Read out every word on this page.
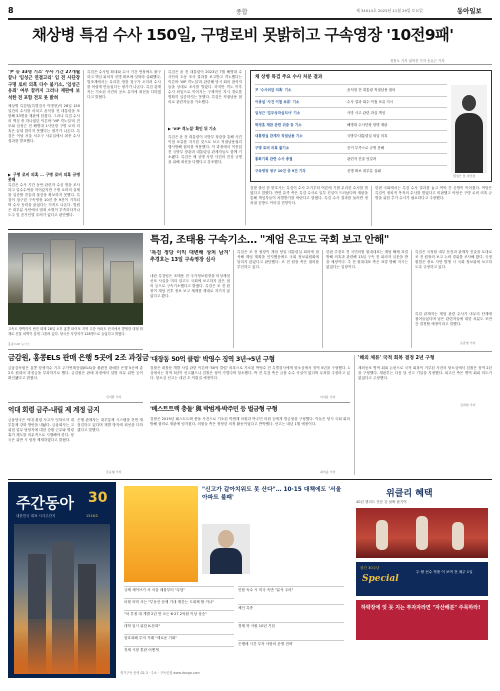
8	종합	제 34014호 2025년 11월 29일 토요일	동아일보
채상병 특검 수사 150일, 구명로비 못밝히고 구속영장 '10전9패'
정봉오 기자 권혁진 기자 송유근 기자
'尹 등 33명 기소' 수사 기간 27개월 끝나 '임성근 연결고리' 임 전 사단장 구명 로비 의혹 다수 불기소, '임성근 유죄' 여부 끝까지 그러나 재판에 보석한 전 포함 전모 못 밝혀
채상병 특검팀(특별검사 이명현)이 28일 150일간의 수사를 마치고 윤석열 전 대통령을 포함해 33명을 재판에 넘겼다. 그러나 특검 수사의 핵심 중 하나였던 이른바 'VIP 격노설'의 전모와 임성근 전 해병대 1사단장 구명 로비 의혹은 끝내 밝히지 못했다는 평가가 나온다. 특검은 이날 서울 서초구 사무실에서 최종 수사 결과를 발표했다.
▶ 구명 로비 의혹 … 구명 로비 의혹 규명 못해
특검은 수사 기간 동안 관련자 수십 명을 조사하고 압수수색을 이어갔지만 구명 로비의 실체를 입증할 진술과 물증을 확보하지 못했다. 특검이 청구한 구속영장 10건 중 9건이 기각되며 수사 동력을 잃었다는 지적도 나온다. 법원은 대부분 사안에서 범죄 소명이 부족하다거나 도주 및 증거인멸 우려가 없다고 판단했다.
특검은 수사팀 확대와 수사 기간 연장에도 불구하고 핵심 피의자 신병 확보에 잇따라 실패했다. 법조계에서는 무리한 영장 청구가 오히려 수사를 어렵게 만들었다는 평가가 나온다. 특검 관계자는 기소된 사건의 공소 유지에 최선을 다하겠다고 밝혔다.
특검은 윤 전 대통령이 2023년 7월 해병대 수사단의 초동 조사 결과를 보고받고 격노했다는 이른바 'VIP 격노설'과 관련해 당시 회의 참석자들을 상대로 조사를 벌였다. 하지만 격노 이후 수사 외압으로 이어지는 구체적인 지시 경로를 명확히 입증하지는 못했다. 특검은 직권남용 혐의로 관련자들을 기소했다.
▶ 'VIP 격노설' 확인 뒤 기소
특검은 윤 전 대통령이 국방부 장관을 통해 사건 이첩 보류를 지시한 것으로 보고 직권남용권리행사방해 혐의를 적용했다. 이 과정에서 이종섭 전 국방부 장관과 대통령실 관계자들도 함께 기소됐다. 특검은 채 상병 사망 사건의 진상 규명을 위해 최선을 다했다고 강조했다.
채 상병 특검 주요 수사 처분 결과
尹 '수사외압 의혹' 기소	윤석열 전 대통령 직권남용 혐의
이종섭 '사건 이첩 보류' 기소	수사 결과 회수·이첩 보류 지시
임성근 '업무상과실치사' 기소	사망 사고 관련 과실 책임
박정훈 재판 관련 위증 등 기소	해병대 수사단장 항명 재판
대통령실 관계자 직권남용 기소	국방부·대통령실 외압 의혹
구명 로비 의혹 불기소	증거 부족으로 규명 못해
통화기록 관련 수사 종결	관련자 진술 엇갈려
구속영장 청구 10건 중 9건 기각	신병 확보 대부분 실패
임성근 전 사단장
검찰 출신 한 변호사는 특검이 수사 초기부터 여론에 기댄 무리한 수사를 벌였다고 말했다. 반면 유족 측은 특검 수사로 일부 진실이 드러났다며 재판을 통해 책임자들이 처벌받기를 바란다고 밝혔다. 특검 수사 결과를 둘러싼 정치권 공방도 이어질 전망이다.
한편 국회에서는 특검 수사 결과를 놓고 여야 간 공방이 이어졌다. 여당은 특검이 정치적 목적의 수사를 벌였다고 비판했고 야당은 구명 로비 의혹 규명을 위한 추가 수사가 필요하다고 주장했다.
특검, 조태용 구속기소… "계엄 은고도 국회 보고 안해"
고속도 방벽까지 번진 화재 28일 오후 홍콩 타이포 지역 고층 아파트 단지에서 발생한 대형 화재로 건물 외벽이 검게 그을려 있다. 당국은 사망자가 128명으로 늘었다고 밝혔다.
홍콩=AP 뉴시스
'특검 정당 이익 대변해 상처 남겨' 추경호는 13일 구속영장 심사
내란 특검팀은 조태용 전 국가정보원장을 비상계엄 선포 사실을 미리 알고도 국회에 보고하지 않은 혐의 등으로 구속기소했다고 밝혔다. 특검은 조 전 원장이 계엄 전후 정보 보고 체계를 제대로 지키지 않았다고 봤다.
특검은 조 전 원장이 계엄 당일 대통령실 회의에 참석해 계엄 계획을 인지했음에도 국회 정보위원회에 알리지 않았다고 판단했다. 조 전 원장 측은 혐의를 부인하고 있다.
한편 추경호 전 국민의힘 원내대표는 계엄 해제 표결 방해 의혹과 관련해 13일 구속 전 피의자 심문을 받을 예정이다. 추 전 원내대표 측은 표결 방해 지시는 없었다는 입장이다.
특검은 국정원 내부 문건과 관계자 진술을 토대로 조 전 원장의 보고 누락 경위를 조사해 왔다. 국정원법은 중요 사안 발생 시 국회 정보위에 보고하도록 규정하고 있다.
특검 관계자는 계엄 관련 수사가 마무리 단계에 접어들었다며 남은 관련자들에 대한 처분도 조만간 결정할 예정이라고 말했다.
손준영 기자
금감원, 홍콩ELS 판매 은행 5곳에 2조 과징금
금융감독원은 홍콩 항셍지수 기초 주가연계증권(ELS)을 불완전 판매한 은행 5곳에 총 2조 원대의 과징금을 부과하기로 했다. 금감원은 판매 과정에서 설명 의무 위반 등이 확인됐다고 밝혔다.
신지환 기자
억대 회령 금주-내릴 제 계정 금지
금융당국은 억대 횡령 사고가 잇따르자 내부통제 강화 방안을 내놨다. 금융회사는 고위험 업무 담당자에 대한 순환 근무와 명령 휴가 제도를 의무적으로 시행해야 한다. 당국은 위반 시 엄정 제재하겠다고 밝혔다.
은행 관계자는 내부통제 시스템을 전면 재점검하고 있다며 재발 방지에 최선을 다하겠다고 말했다.
조응형 기자
'대장동 50억 클럽' 박영수 징역 3년→5년 구형
검찰은 대장동 개발 사업 관련 이른바 '50억 클럽' 의혹으로 기소된 박영수 전 특별검사에게 항소심에서 징역 5년을 구형했다. 1심에서는 징역 3년이 선고됐으나 검찰은 형이 가볍다며 항소했다. 박 전 특검 측은 금품 수수 사실이 없다며 무죄를 주장하고 있다. 항소심 선고는 내년 초 이뤄질 예정이다.
이지윤 기자
'해외 체류' 국적 회복 결정 2년 구형
재외동포 병역 회피 논란으로 국적 회복이 거부된 사건의 항소심에서 검찰은 징역 2년을 구형했다. 재판부는 다음 달 선고 기일을 지정했다. 피고인 측은 병역 회피 의도가 없었다고 주장했다.
김자현 기자
'베스트트랙 충돌' 與 박범계·박주민 등 벌금형 구형
검찰은 2019년 패스트트랙 충돌 사건으로 기소된 박범계 의원과 박주민 의원 등에게 벌금형을 구형했다. 이들은 당시 국회 회의 방해 혐의로 재판에 넘겨졌다. 의원들 측은 정당한 의정 활동이었다고 반박했다. 선고는 내년 1월 예정이다.
최미송 기자
주간동아 30
대한민국 대표 시사주간지	1516호
"신고가 갈아치워도 못 산다"… 10·15 대책에도 '서울 아파트 불패'
규제 세이브가 서 서울 매물부터 "무덤"
마찰 의미 사는 "부동산 문제 기대 재간는 도대체 할 거나"
"차 부정 대 개발 2년 만 오는 6·27 2억원 이상 상승"
대학 입시 위한 K-문화"
암호화폐 투자 거래 "새로운 기회"
전세 시장 혼란 어떻게
인탑 독수 시 미국 속만 "분석 주의"
체인 특종
경제 학 사원 10년 기념
은행에 시간 투자 사람의 운명 전략
위클리 혜택
40년 엘리트 전문 강 날짜 잡기여
창간 30주년
Special
두 팔 선수 작품 이 보여 전 매주 1일
하락장에 잇 못 지는 투자자라면 "자산배분" 주목하라!
정기구독 문의 02-3 · 주소 · 구독신청 www.donga.com
